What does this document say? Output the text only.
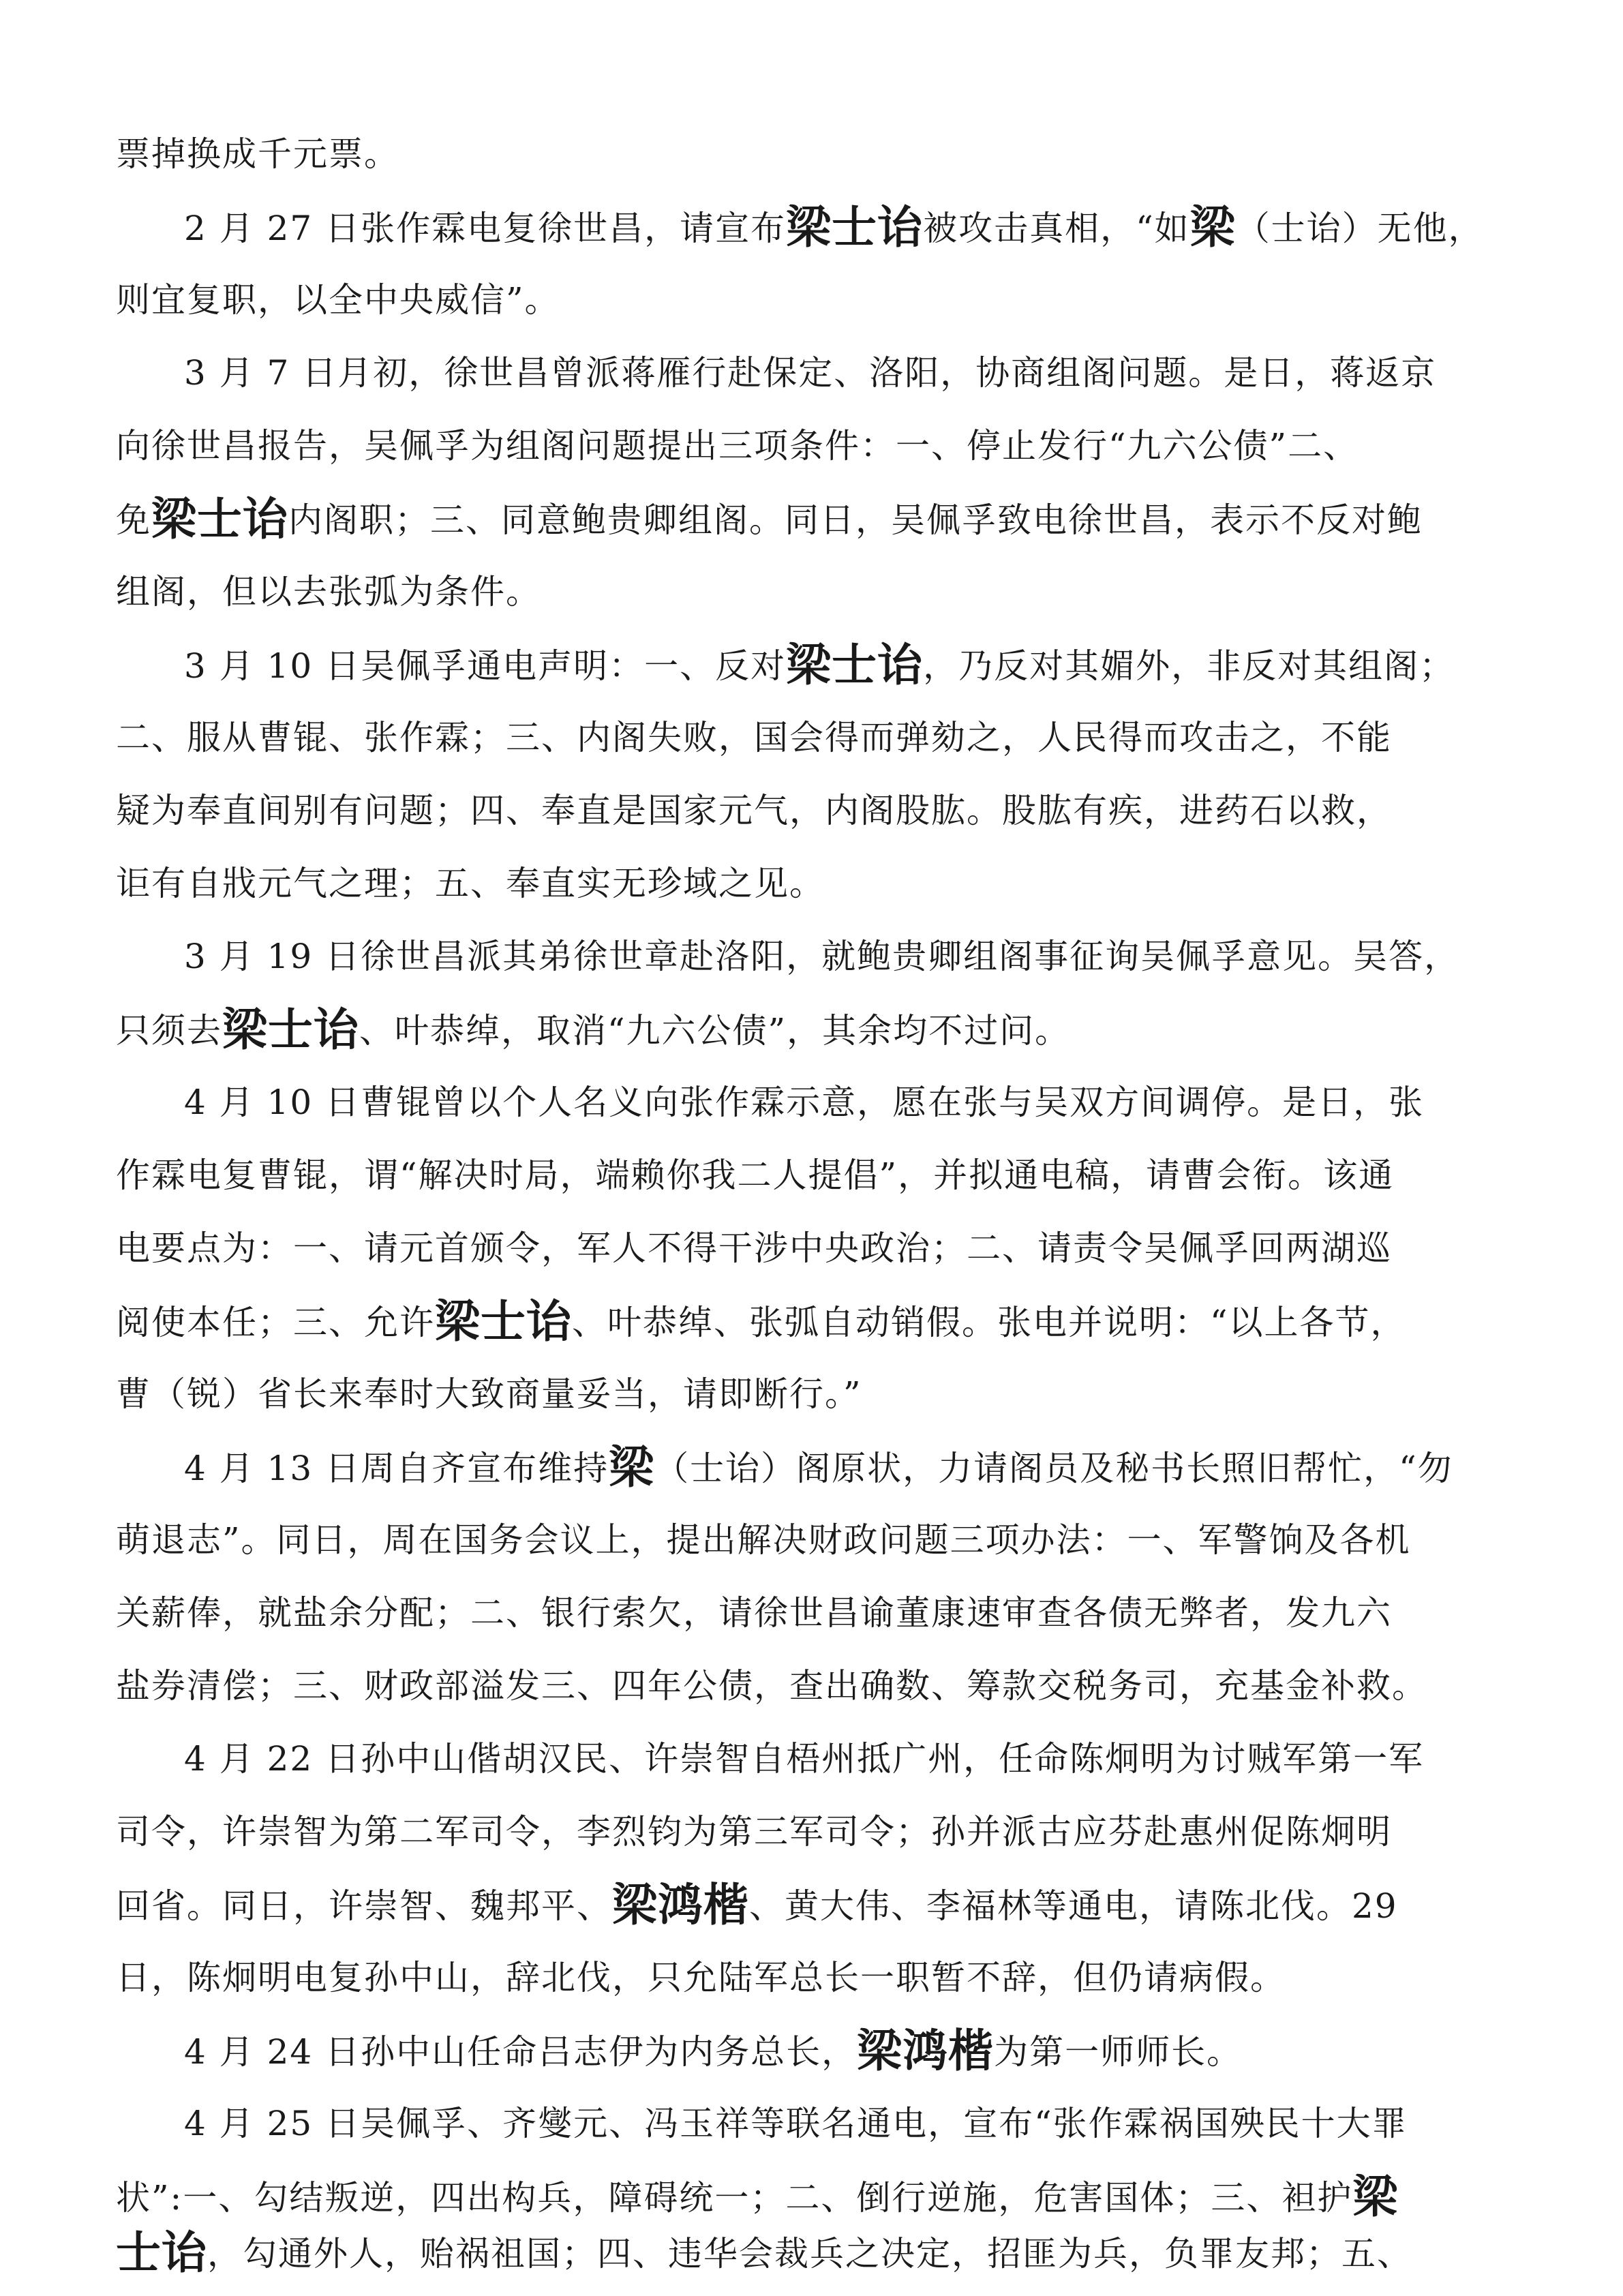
票掉换成千元票。

2 月 27 日张作霖电复徐世昌，请宣布梁士诒被攻击真相，“如梁（士诒）无他，

则宜复职，以全中央威信”。

3 月 7 日月初，徐世昌曾派蒋雁行赴保定、洛阳，协商组阁问题。是日，蒋返京

向徐世昌报告，吴佩孚为组阁问题提出三项条件：一、停止发行“九六公债”二、

免梁士诒内阁职；三、同意鲍贵卿组阁。同日，吴佩孚致电徐世昌，表示不反对鲍

组阁，但以去张弧为条件。

3 月 10 日吴佩孚通电声明：一、反对梁士诒，乃反对其媚外，非反对其组阁；

二、服从曹锟、张作霖；三、内阁失败，国会得而弹劾之，人民得而攻击之，不能

疑为奉直间别有问题；四、奉直是国家元气，内阁股肱。股肱有疾，进药石以救，

讵有自戕元气之理；五、奉直实无珍域之见。

3 月 19 日徐世昌派其弟徐世章赴洛阳，就鲍贵卿组阁事征询吴佩孚意见。吴答，

只须去梁士诒、叶恭绰，取消“九六公债”，其余均不过问。

4 月 10 日曹锟曾以个人名义向张作霖示意，愿在张与吴双方间调停。是日，张

作霖电复曹锟，谓“解决时局，端赖你我二人提倡”，并拟通电稿，请曹会衔。该通

电要点为：一、请元首颁令，军人不得干涉中央政治；二、请责令吴佩孚回两湖巡

阅使本任；三、允许梁士诒、叶恭绰、张弧自动销假。张电并说明：“以上各节，

曹（锐）省长来奉时大致商量妥当，请即断行。”

4 月 13 日周自齐宣布维持梁（士诒）阁原状，力请阁员及秘书长照旧帮忙，“勿

萌退志”。同日，周在国务会议上，提出解决财政问题三项办法：一、军警饷及各机

关薪俸，就盐余分配；二、银行索欠，请徐世昌谕董康速审查各债无弊者，发九六

盐券清偿；三、财政部溢发三、四年公债，查出确数、筹款交税务司，充基金补救。

4 月 22 日孙中山偕胡汉民、许崇智自梧州抵广州，任命陈炯明为讨贼军第一军

司令，许崇智为第二军司令，李烈钧为第三军司令；孙并派古应芬赴惠州促陈炯明

回省。同日，许崇智、魏邦平、梁鸿楷、黄大伟、李福林等通电，请陈北伐。29

日，陈炯明电复孙中山，辞北伐，只允陆军总长一职暂不辞，但仍请病假。

4 月 24 日孙中山任命吕志伊为内务总长，梁鸿楷为第一师师长。

4 月 25 日吴佩孚、齐燮元、冯玉祥等联名通电，宣布“张作霖祸国殃民十大罪

状”:一、勾结叛逆，四出构兵，障碍统一；二、倒行逆施，危害国体；三、袒护梁

士诒，勾通外人，贻祸祖国；四、违华会裁兵之决定，招匪为兵，负罪友邦；五、
